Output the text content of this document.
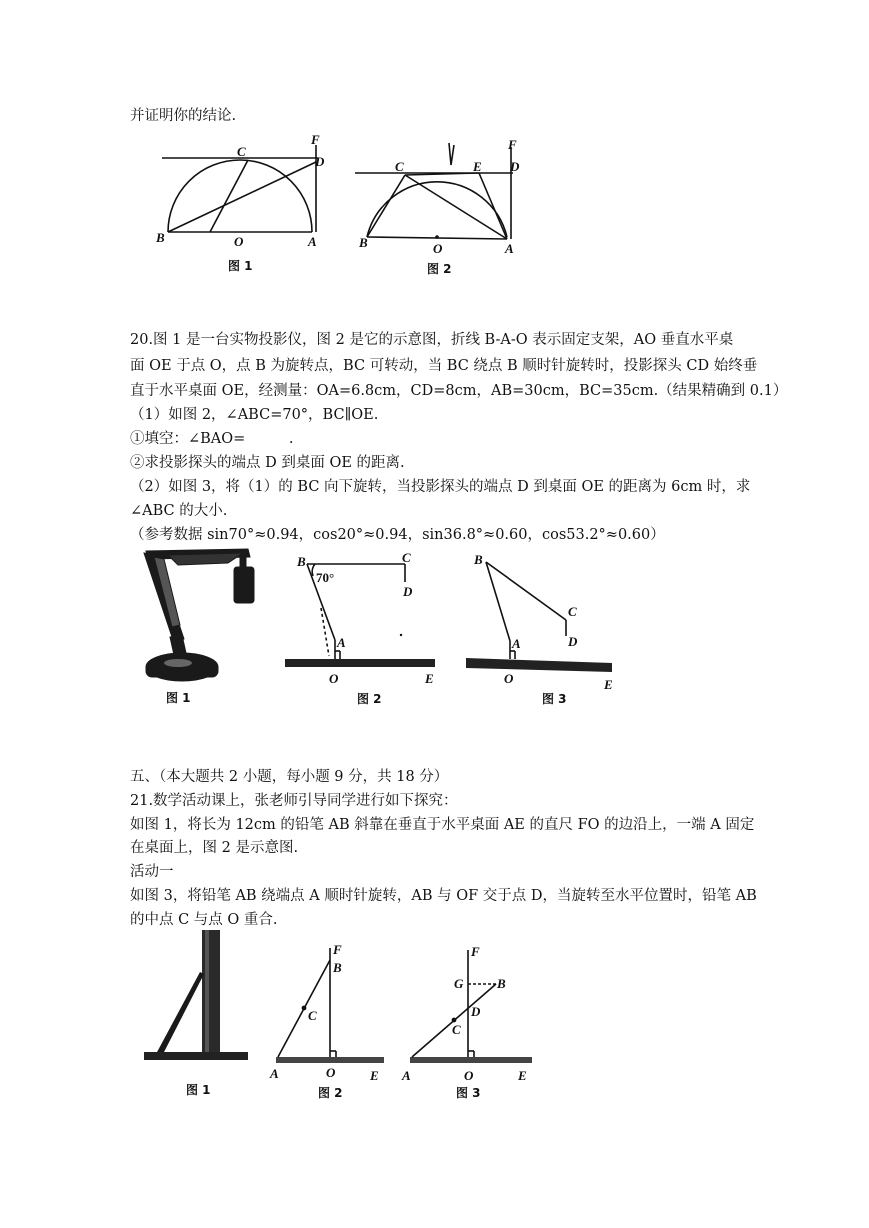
并证明你的结论.
20.图 1 是一台实物投影仪，图 2 是它的示意图，折线 B-A-O 表示固定支架，AO 垂直水平桌
面 OE 于点 O，点 B 为旋转点，BC 可转动，当 BC 绕点 B 顺时针旋转时，投影探头 CD 始终垂
直于水平桌面 OE，经测量：OA=6.8cm，CD=8cm，AB=30cm，BC=35cm.（结果精确到 0.1）
（1）如图 2，∠ABC=70°，BC∥OE.
①填空：∠BAO=　　　.
②求投影探头的端点 D 到桌面 OE 的距离.
（2）如图 3，将（1）的 BC 向下旋转，当投影探头的端点 D 到桌面 OE 的距离为 6cm 时，求
∠ABC 的大小.
（参考数据 sin70°≈0.94，cos20°≈0.94，sin36.8°≈0.60，cos53.2°≈0.60）
五、（本大题共 2 小题，每小题 9 分，共 18 分）
21.数学活动课上，张老师引导同学进行如下探究：
如图 1，将长为 12cm 的铅笔 AB 斜靠在垂直于水平桌面 AE 的直尺 FO 的边沿上，一端 A 固定
在桌面上，图 2 是示意图.
活动一
如图 3，将铅笔 AB 绕端点 A 顺时针旋转，AB 与 OF 交于点 D，当旋转至水平位置时，铅笔 AB
的中点 C 与点 O 重合.
F
D
C
B	O	A
图 1
F
D
C	E
B	O	A
图 2
图 1
B
70°
C
D
A
O	E
图 2
B
C
D
A
O	E
图 3
图 1
F
B
C
A	O	E
图 2
F
G	B
D
C
A	O	E
图 3
